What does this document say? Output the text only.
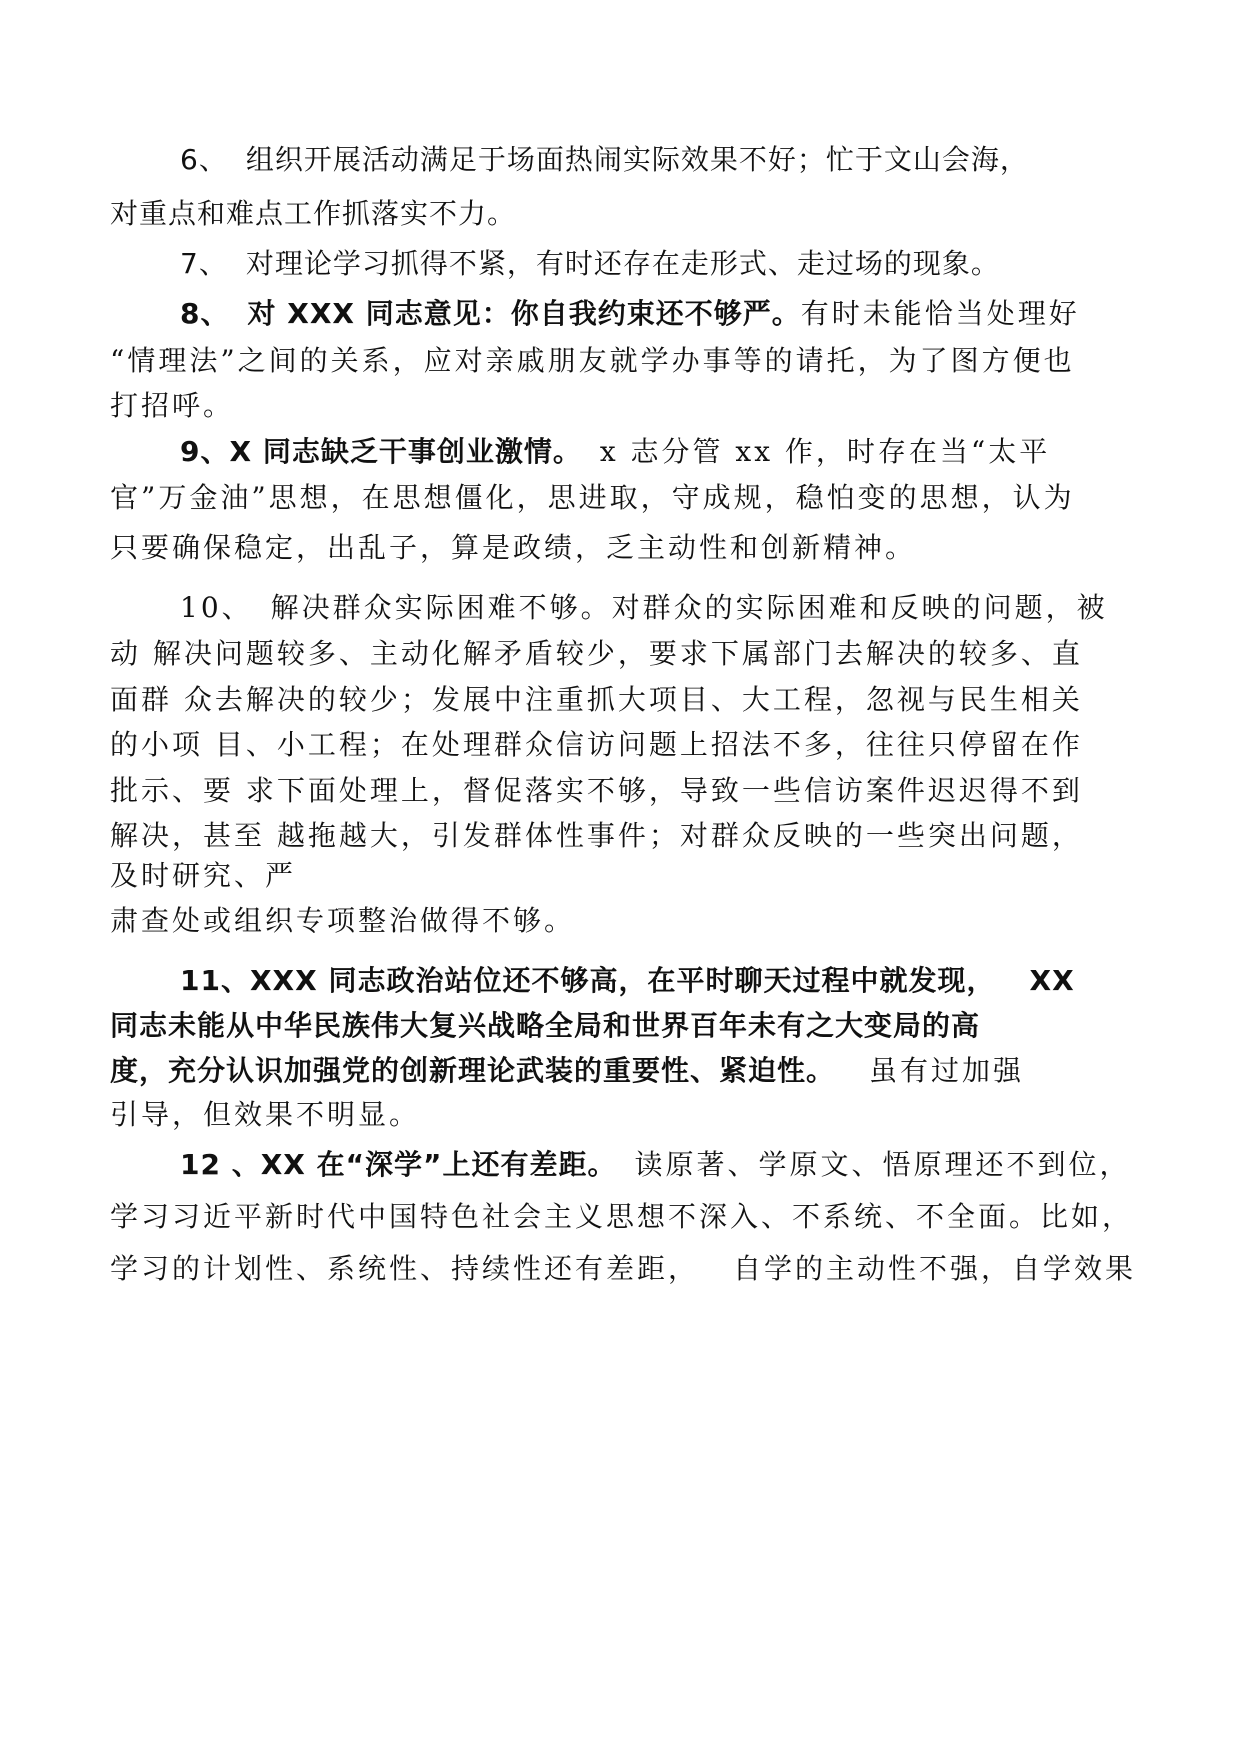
6、 组织开展活动满足于场面热闹实际效果不好；忙于文山会海，
对重点和难点工作抓落实不力。
7、 对理论学习抓得不紧，有时还存在走形式、走过场的现象。
8、 对 XXX 同志意见：你自我约束还不够严。有时未能恰当处理好
“情理法”之间的关系，应对亲戚朋友就学办事等的请托，为了图方便也
打招呼。
9、X 同志缺乏干事创业激情。 x 志分管 xx 作，时存在当“太平
官”万金油”思想，在思想僵化，思进取，守成规，稳怕变的思想，认为
只要确保稳定，出乱子，算是政绩，乏主动性和创新精神。
10、 解决群众实际困难不够。对群众的实际困难和反映的问题，被
动 解决问题较多、主动化解矛盾较少，要求下属部门去解决的较多、直
面群 众去解决的较少；发展中注重抓大项目、大工程，忽视与民生相关
的小项 目、小工程；在处理群众信访问题上招法不多，往往只停留在作
批示、要 求下面处理上，督促落实不够，导致一些信访案件迟迟得不到
解决，甚至 越拖越大，引发群体性事件；对群众反映的一些突出问题，
及时研究、严
肃查处或组织专项整治做得不够。
11、XXX 同志政治站位还不够高，在平时聊天过程中就发现， XX
同志未能从中华民族伟大复兴战略全局和世界百年未有之大变局的高
度，充分认识加强党的创新理论武装的重要性、紧迫性。 虽有过加强
引导，但效果不明显。
12 、XX 在“深学”上还有差距。 读原著、学原文、悟原理还不到位，
学习习近平新时代中国特色社会主义思想不深入、不系统、不全面。比如，
学习的计划性、系统性、持续性还有差距， 自学的主动性不强，自学效果
